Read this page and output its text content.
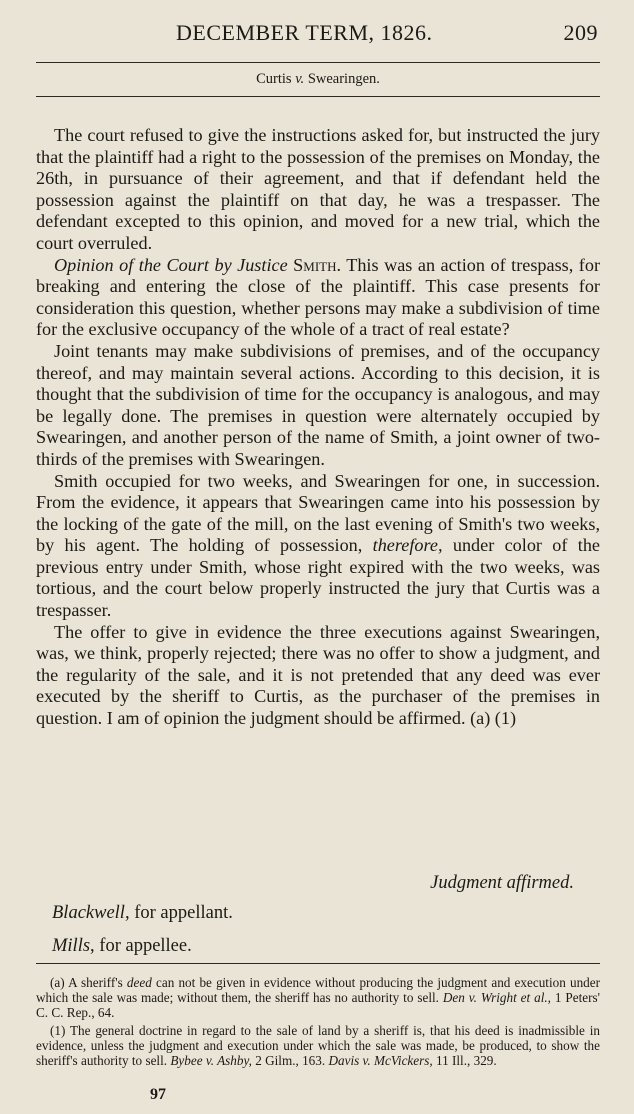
DECEMBER TERM, 1826.	209
Curtis v. Swearingen.

The court refused to give the instructions asked for, but instructed the jury that the plaintiff had a right to the possession of the premises on Monday, the 26th, in pursuance of their agreement, and that if defendant held the possession against the plaintiff on that day, he was a trespasser. The defendant excepted to this opinion, and moved for a new trial, which the court overruled.

Opinion of the Court by Justice Smith. This was an action of trespass, for breaking and entering the close of the plaintiff. This case presents for consideration this question, whether persons may make a subdivision of time for the exclusive occupancy of the whole of a tract of real estate?

Joint tenants may make subdivisions of premises, and of the occupancy thereof, and may maintain several actions. According to this decision, it is thought that the subdivision of time for the occupancy is analogous, and may be legally done. The premises in question were alternately occupied by Swearingen, and another person of the name of Smith, a joint owner of two-thirds of the premises with Swearingen.

Smith occupied for two weeks, and Swearingen for one, in succession. From the evidence, it appears that Swearingen came into his possession by the locking of the gate of the mill, on the last evening of Smith's two weeks, by his agent. The holding of possession, therefore, under color of the previous entry under Smith, whose right expired with the two weeks, was tortious, and the court below properly instructed the jury that Curtis was a trespasser.

The offer to give in evidence the three executions against Swearingen, was, we think, properly rejected; there was no offer to show a judgment, and the regularity of the sale, and it is not pretended that any deed was ever executed by the sheriff to Curtis, as the purchaser of the premises in question. I am of opinion the judgment should be affirmed. (a) (1)

Judgment affirmed.
Blackwell, for appellant.
Mills, for appellee.

(a) A sheriff's deed can not be given in evidence without producing the judgment and execution under which the sale was made; without them, the sheriff has no authority to sell. Den v. Wright et al., 1 Peters' C. C. Rep., 64.

(1) The general doctrine in regard to the sale of land by a sheriff is, that his deed is inadmissible in evidence, unless the judgment and execution under which the sale was made, be produced, to show the sheriff's authority to sell. Bybee v. Ashby, 2 Gilm., 163. Davis v. McVickers, 11 Ill., 329.

97
